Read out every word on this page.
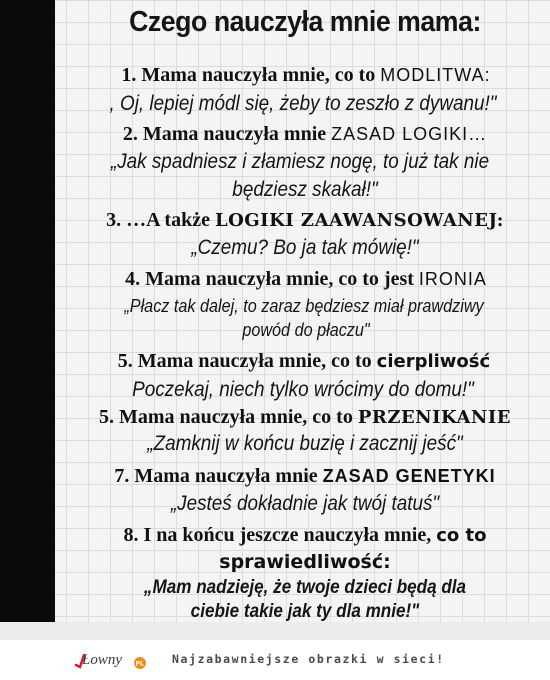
Czego nauczyła mnie mama:
1. Mama nauczyła mnie, co to MODLITWA:
, Oj, lepiej módl się, żeby to zeszło z dywanu!"
2. Mama nauczyła mnie ZASAD LOGIKI…
„Jak spadniesz i złamiesz nogę, to już tak nie
będziesz skakał!"
3. …A także LOGIKI ZAAWANSOWANEJ:
„Czemu? Bo ja tak mówię!"
4. Mama nauczyła mnie, co to jest IRONIA
„Płacz tak dalej, to zaraz będziesz miał prawdziwy
powód do płaczu"
5. Mama nauczyła mnie, co to cierpliwość
Poczekaj, niech tylko wrócimy do domu!"
5. Mama nauczyła mnie, co to PRZENIKANIE
„Zamknij w końcu buzię i zacznij jeść"
7. Mama nauczyła mnie ZASAD GENETYKI
„Jesteś dokładnie jak twój tatuś"
8. I na końcu jeszcze nauczyła mnie, co to
sprawiedliwość:
„Mam nadzieję, że twoje dzieci będą dla
ciebie takie jak ty dla mnie!"
Łowny PL Najzabawniejsze obrazki w sieci!
